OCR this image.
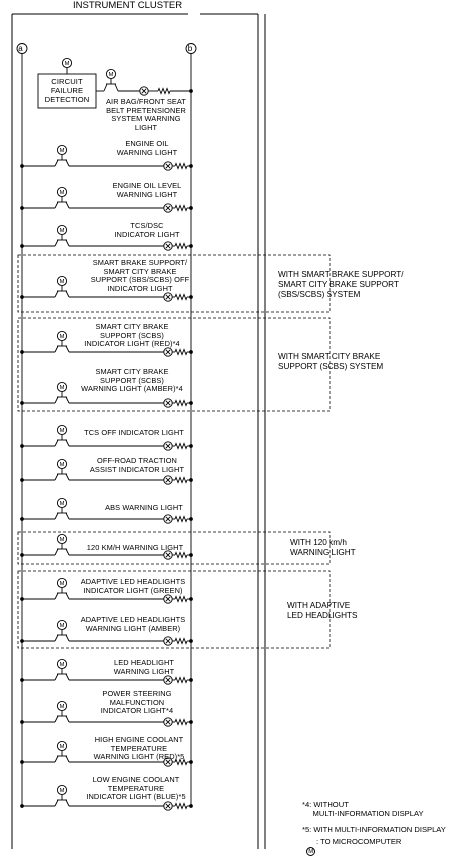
M
M
M
M
M
M
M
M
M
M
M
M
M
M
M
M
M
M
INSTRUMENT CLUSTER
AIR BAG/FRONT SEAT
BELT PRETENSIONER
SYSTEM WARNING
LIGHT
ENGINE OIL
WARNING LIGHT
ENGINE OIL LEVEL
WARNING LIGHT
TCS/DSC
INDICATOR LIGHT
SMART BRAKE SUPPORT/
SMART CITY BRAKE
SUPPORT (SBS/SCBS) OFF
INDICATOR LIGHT
SMART CITY BRAKE
SUPPORT (SCBS)
INDICATOR LIGHT (RED)*4
SMART CITY BRAKE
SUPPORT (SCBS)
WARNING LIGHT (AMBER)*4
TCS OFF INDICATOR LIGHT
OFF-ROAD TRACTION
ASSIST INDICATOR LIGHT
ABS WARNING LIGHT
120 KM/H WARNING LIGHT
ADAPTIVE LED HEADLIGHTS
INDICATOR LIGHT (GREEN)
ADAPTIVE LED HEADLIGHTS
WARNING LIGHT (AMBER)
LED HEADLIGHT
WARNING LIGHT
POWER STEERING
MALFUNCTION
INDICATOR LIGHT*4
HIGH ENGINE COOLANT
TEMPERATURE
WARNING LIGHT (RED)*5
LOW ENGINE COOLANT
TEMPERATURE
INDICATOR LIGHT (BLUE)*5
CIRCUIT
FAILURE
DETECTION
WITH SMART BRAKE SUPPORT/
SMART CITY BRAKE SUPPORT
(SBS/SCBS) SYSTEM
WITH SMART CITY BRAKE
SUPPORT (SCBS) SYSTEM
WITH 120 km/h
WARNING LIGHT
WITH ADAPTIVE
LED HEADLIGHTS
a	b
*4: WITHOUT
MULTI-INFORMATION DISPLAY
*5: WITH MULTI-INFORMATION DISPLAY

M

: TO MICROCOMPUTER
